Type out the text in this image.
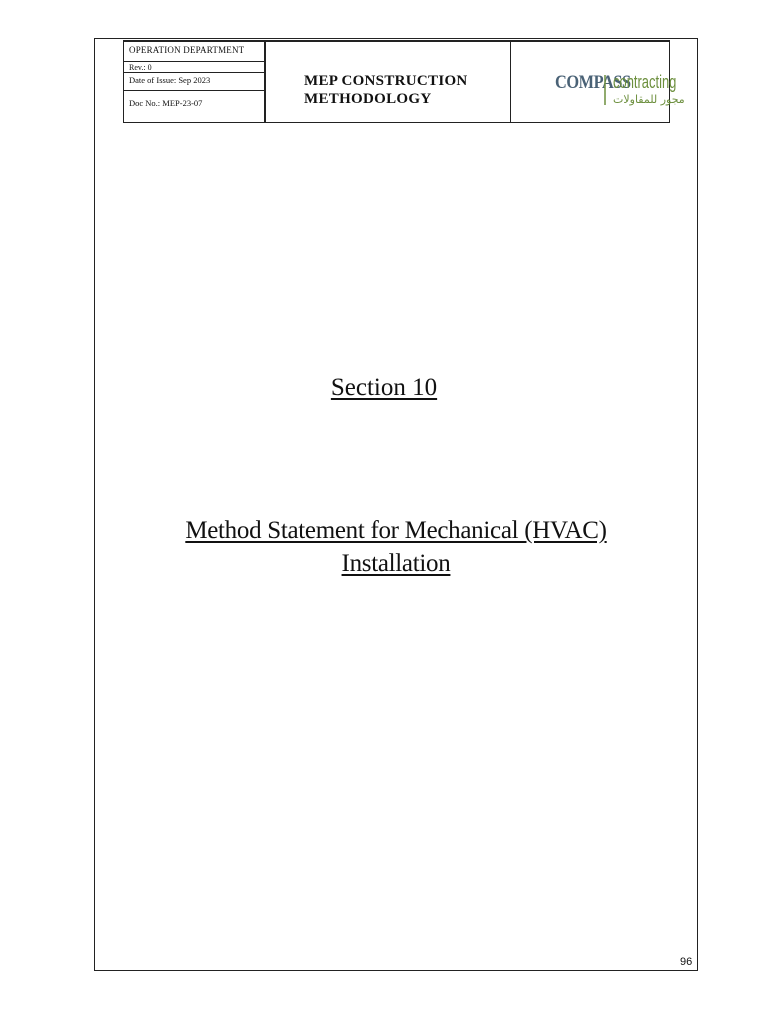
OPERATION DEPARTMENT
Rev.: 0
Date of Issue: Sep 2023
Doc No.: MEP-23-07
MEP CONSTRUCTION
METHODOLOGY
COMPASS
contracting
مجور للمقاولات
Section 10
Method Statement for Mechanical (HVAC)
Installation
96
